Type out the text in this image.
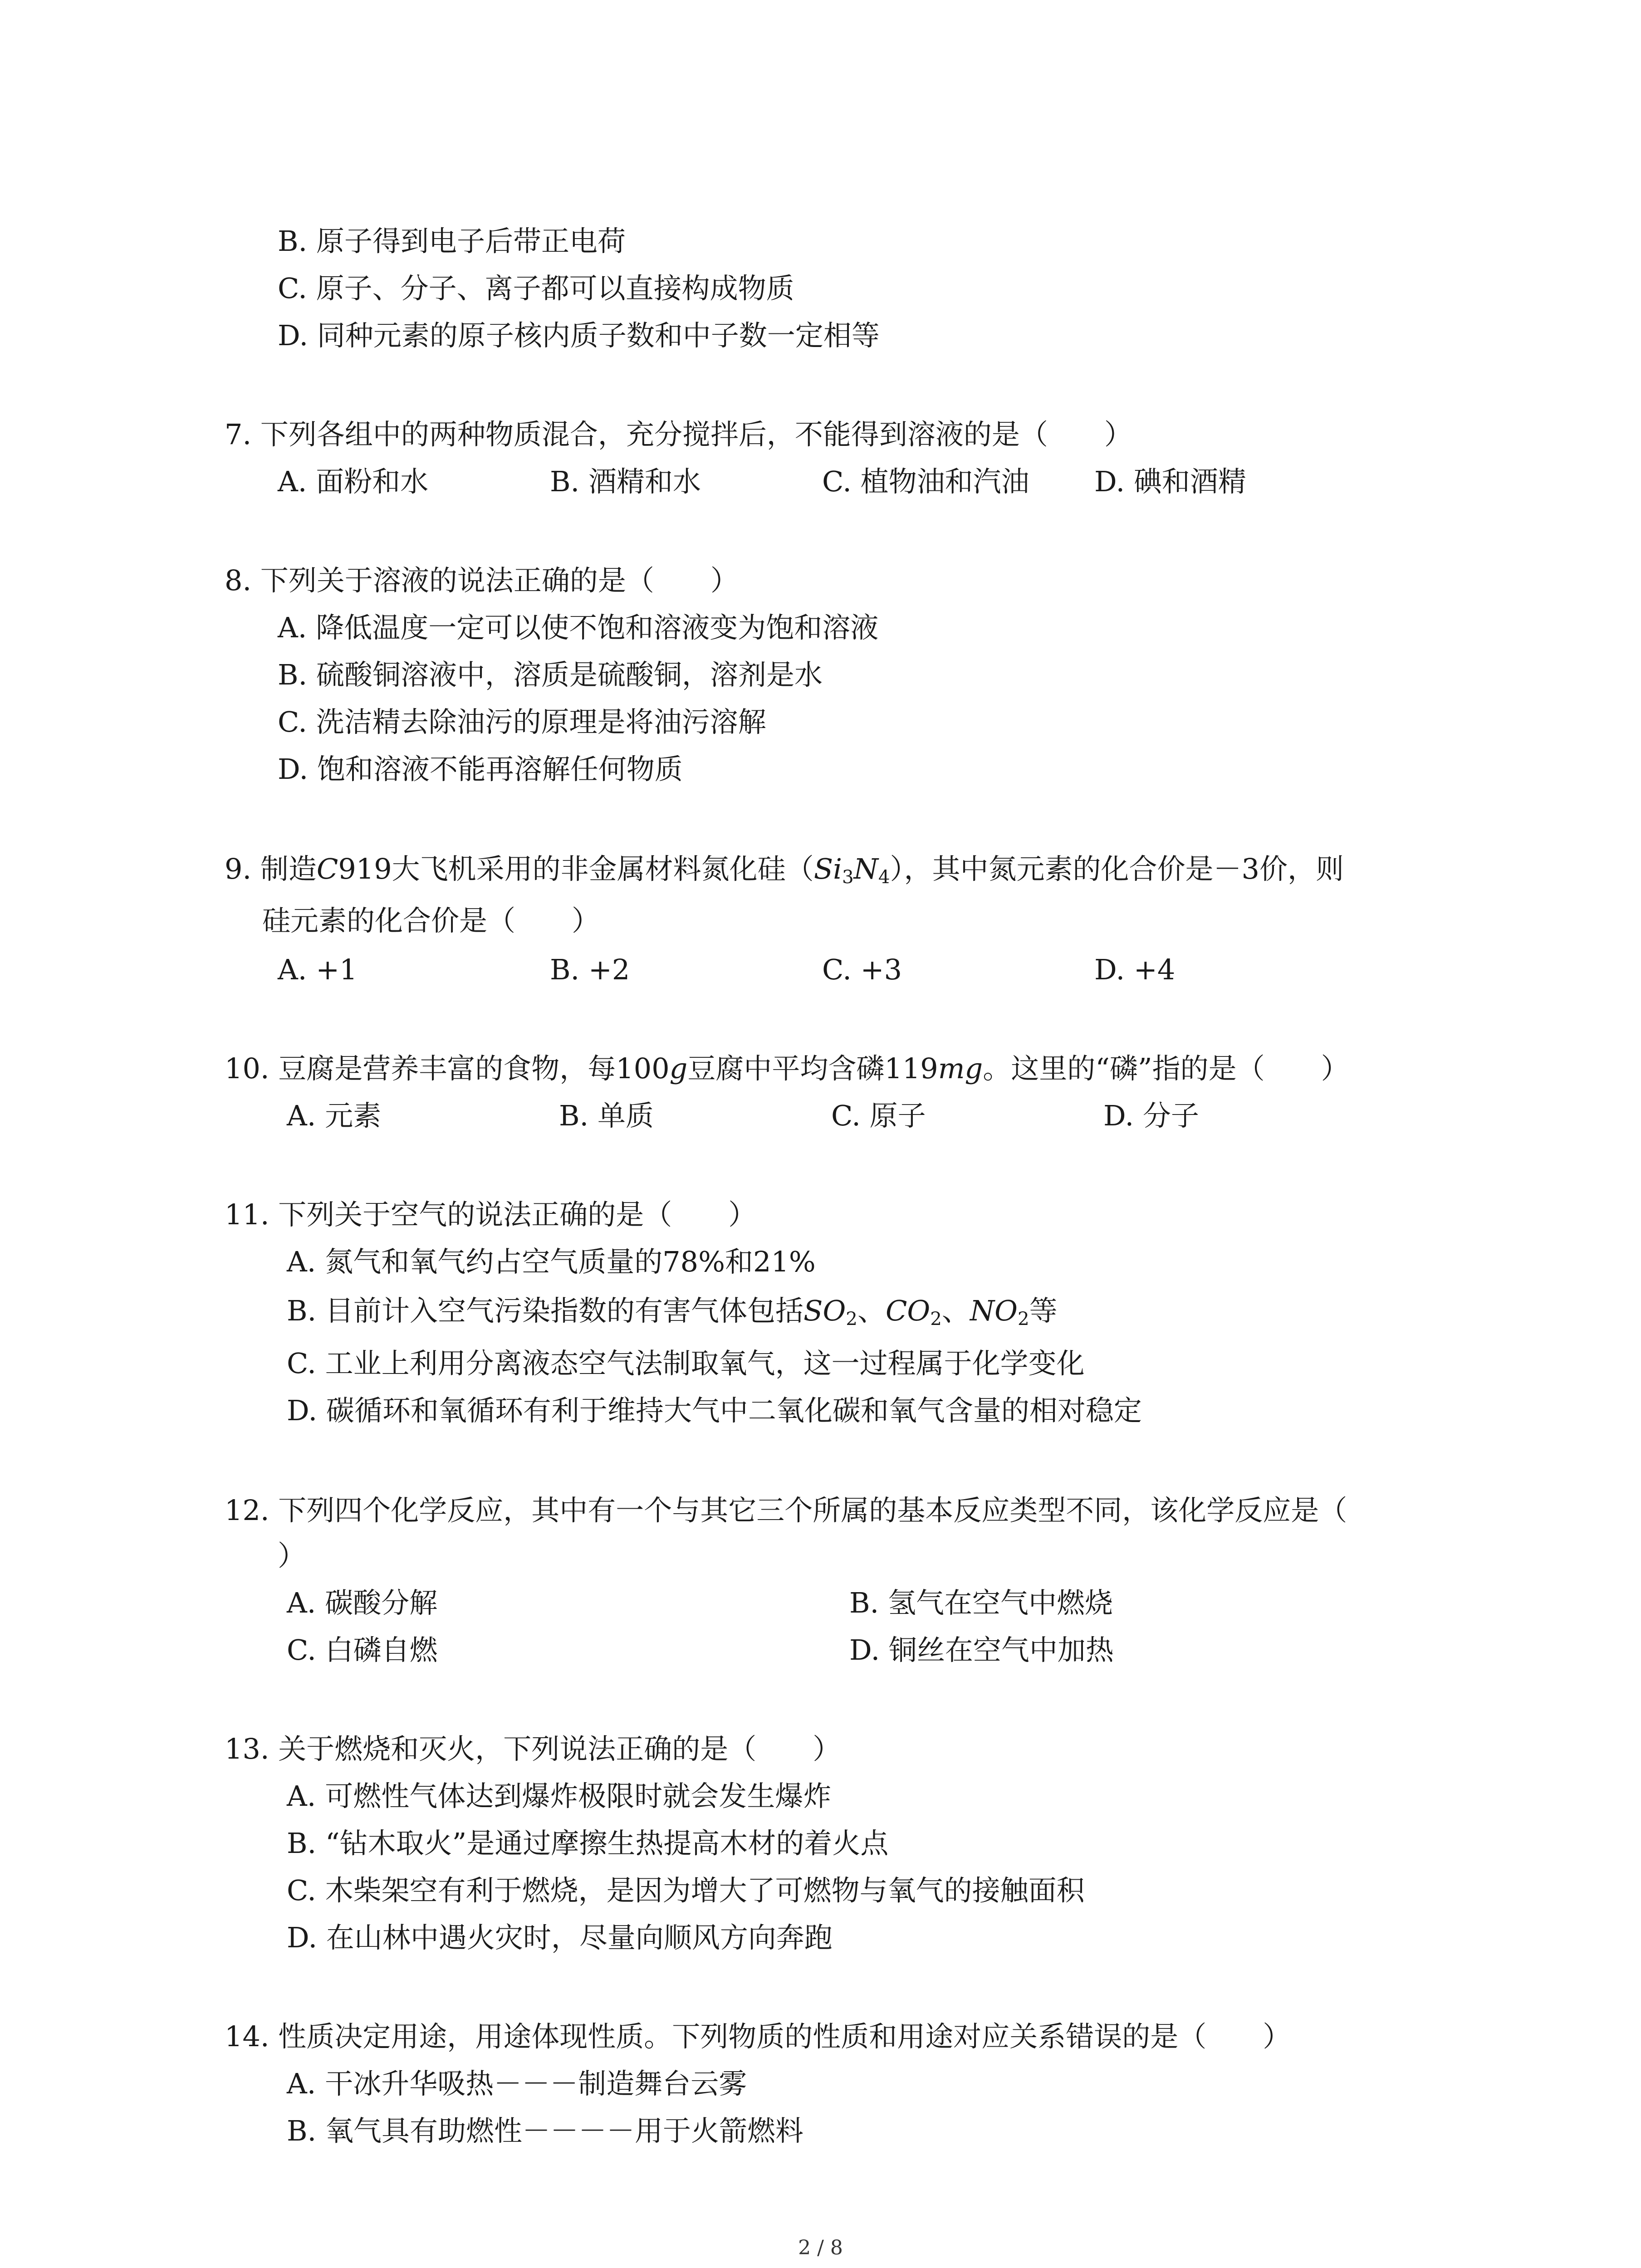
B. 原子得到电子后带正电荷
C. 原子、分子、离子都可以直接构成物质
D. 同种元素的原子核内质子数和中子数一定相等
7. 下列各组中的两种物质混合，充分搅拌后，不能得到溶液的是（　　）
A. 面粉和水	B. 酒精和水	C. 植物油和汽油 D. 碘和酒精
8. 下列关于溶液的说法正确的是（　　）
A. 降低温度一定可以使不饱和溶液变为饱和溶液
B. 硫酸铜溶液中，溶质是硫酸铜，溶剂是水
C. 洗洁精去除油污的原理是将油污溶解
D. 饱和溶液不能再溶解任何物质
9. 制造C919大飞机采用的非金属材料氮化硅$(Si_3N_4)$，其中氮元素的化合价是－3价，则
硅元素的化合价是（　　）
A. +1	B. +2	C. +3	D. +4
10. 豆腐是营养丰富的食物，每100g豆腐中平均含磷119mg。这里的“磷”指的是（　　）
A. 元素	B. 单质	C. 原子	D. 分子
11. 下列关于空气的说法正确的是（　　）
A. 氮气和氧气约占空气质量的78%和21%
B. 目前计入空气污染指数的有害气体包括$SO_2$、$CO_2$、$NO_2$等
C. 工业上利用分离液态空气法制取氧气，这一过程属于化学变化
D. 碳循环和氧循环有利于维持大气中二氧化碳和氧气含量的相对稳定
12. 下列四个化学反应，其中有一个与其它三个所属的基本反应类型不同，该化学反应是（
）
A. 碳酸分解	B. 氢气在空气中燃烧
C. 白磷自燃	D. 铜丝在空气中加热
13. 关于燃烧和灭火，下列说法正确的是（　　）
A. 可燃性气体达到爆炸极限时就会发生爆炸
B. “钻木取火”是通过摩擦生热提高木材的着火点
C. 木柴架空有利于燃烧，是因为增大了可燃物与氧气的接触面积
D. 在山林中遇火灾时，尽量向顺风方向奔跑
14. 性质决定用途，用途体现性质。下列物质的性质和用途对应关系错误的是（　　）
A. 干冰升华吸热－－－制造舞台云雾
B. 氧气具有助燃性－－－－用于火箭燃料
2 / 8
